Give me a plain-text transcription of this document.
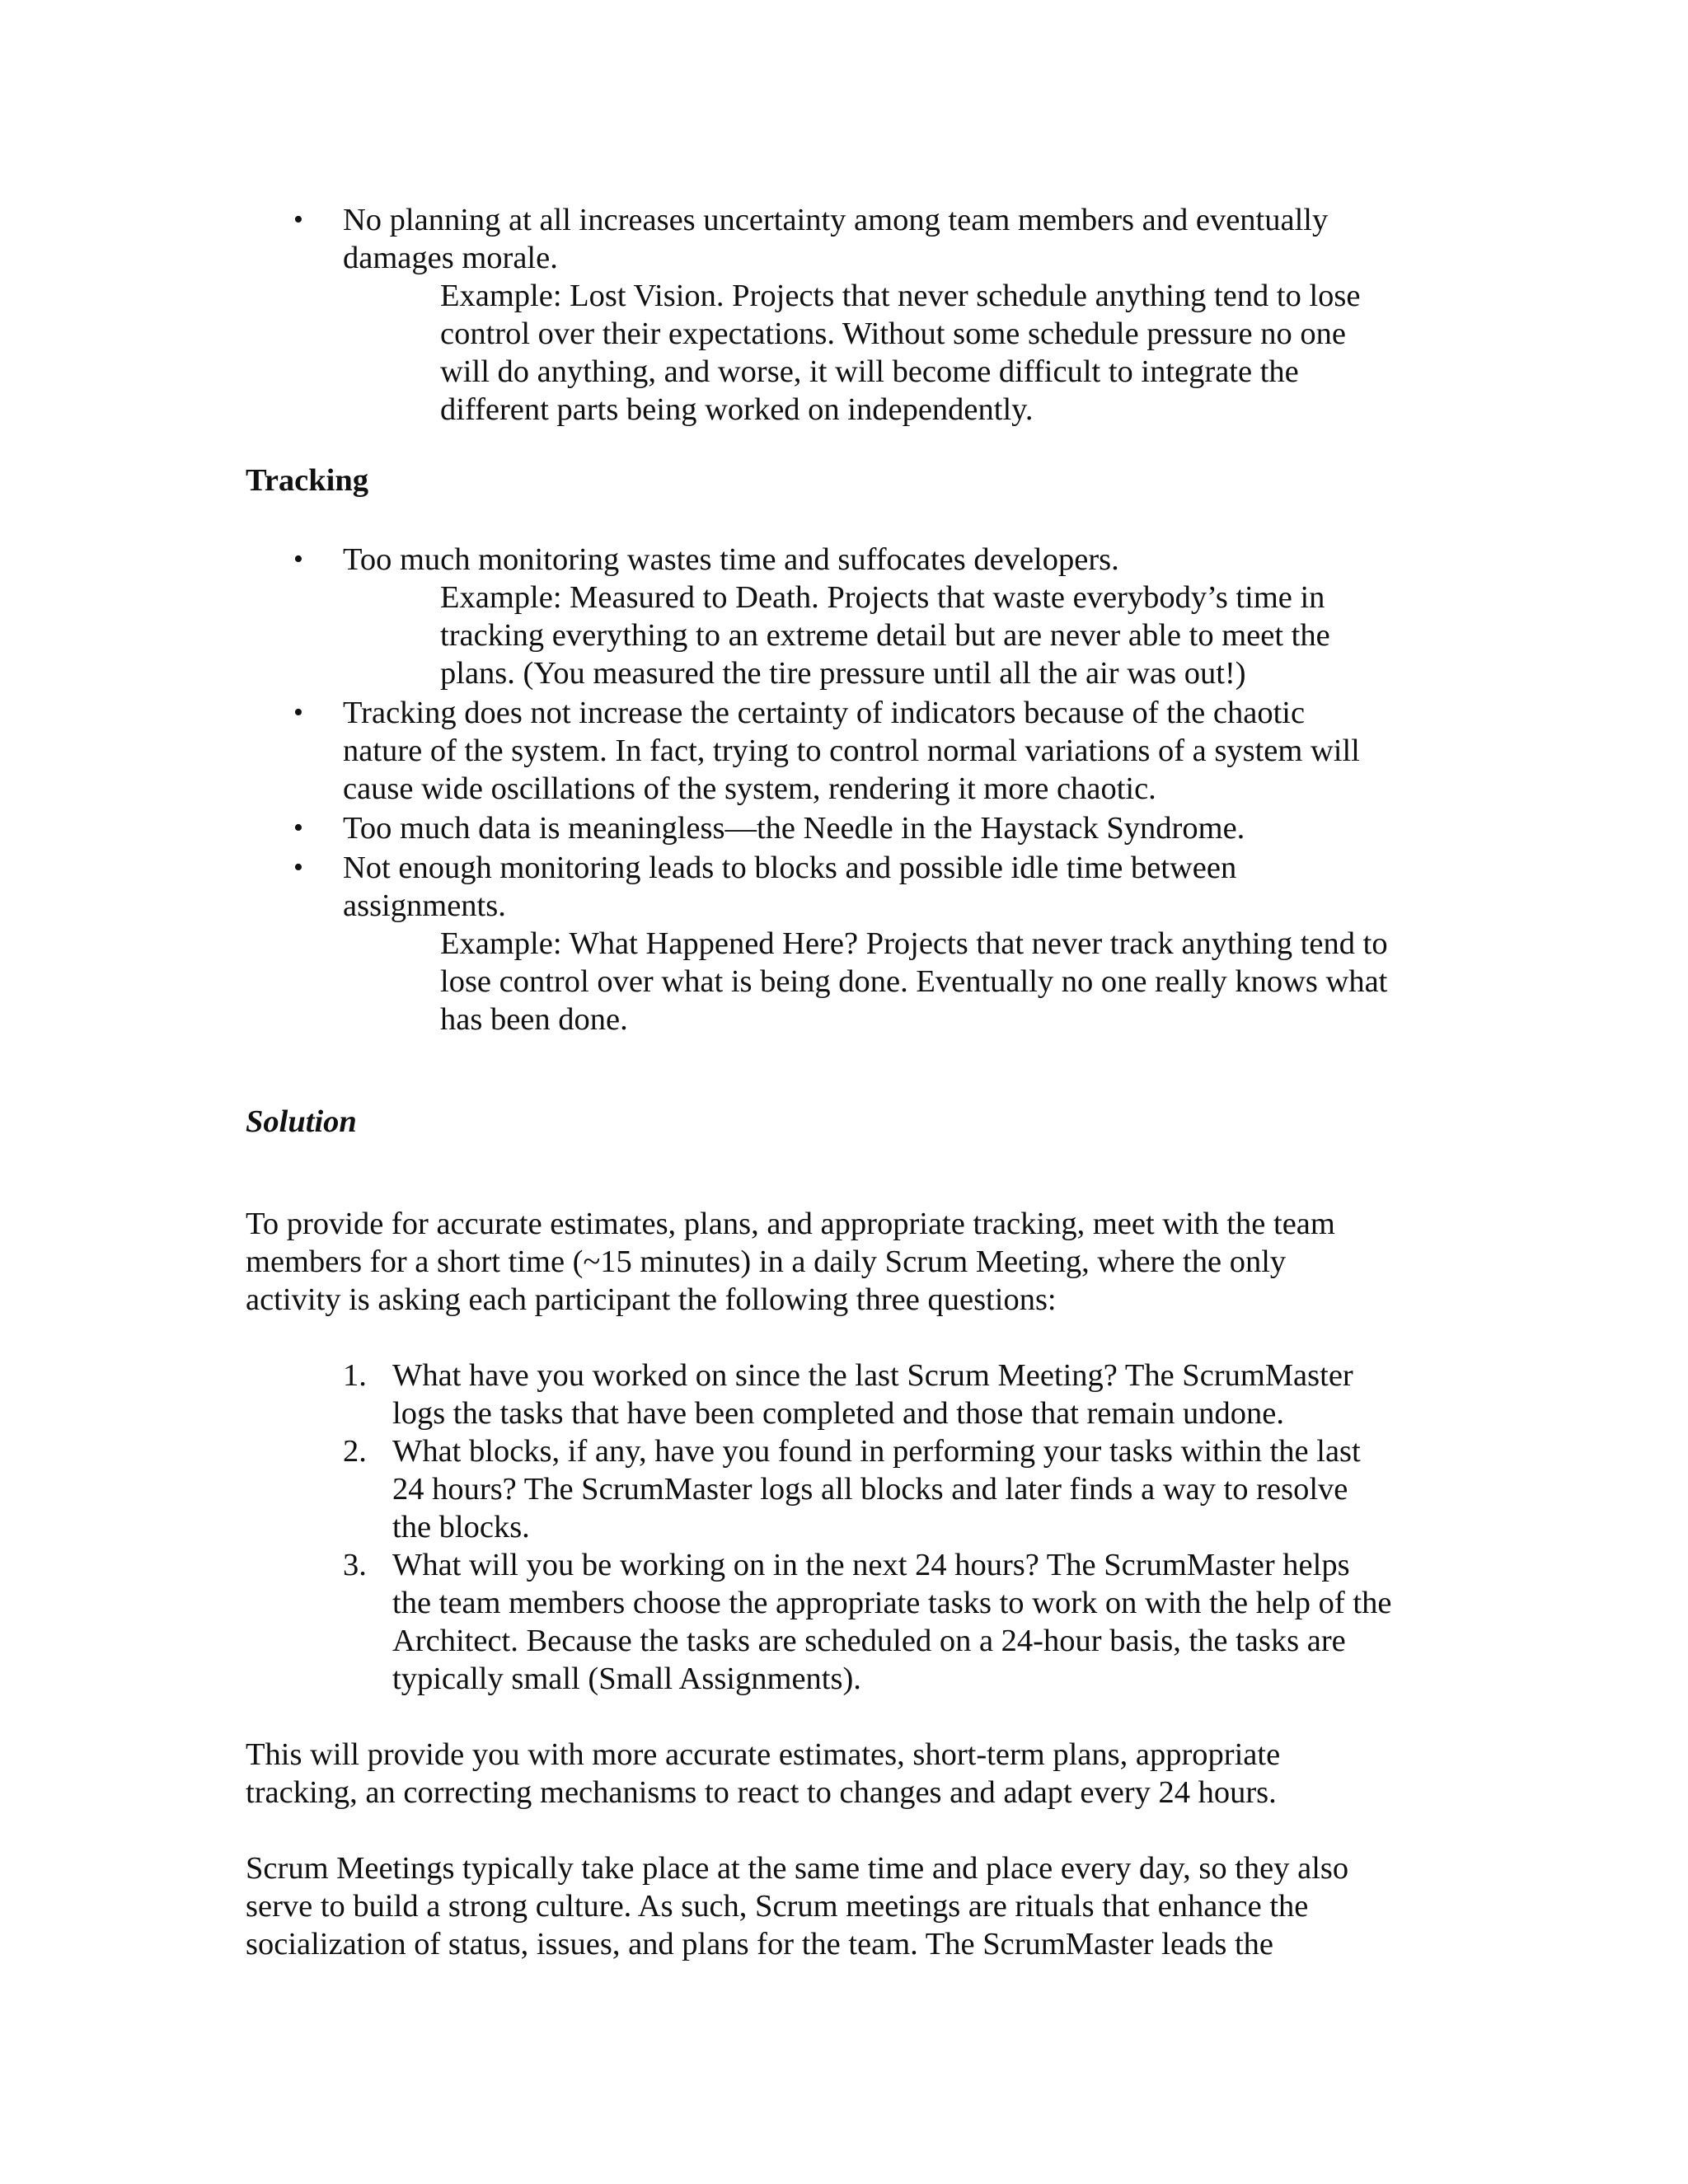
• No planning at all increases uncertainty among team members and eventually

damages morale.

Example: Lost Vision. Projects that never schedule anything tend to lose

control over their expectations. Without some schedule pressure no one

will do anything, and worse, it will become difficult to integrate the

different parts being worked on independently.

Tracking
• Too much monitoring wastes time and suffocates developers.

Example: Measured to Death. Projects that waste everybody’s time in

tracking everything to an extreme detail but are never able to meet the

plans. (You measured the tire pressure until all the air was out!)

• Tracking does not increase the certainty of indicators because of the chaotic

nature of the system. In fact, trying to control normal variations of a system will

cause wide oscillations of the system, rendering it more chaotic.

• Too much data is meaningless—the Needle in the Haystack Syndrome.

• Not enough monitoring leads to blocks and possible idle time between

assignments.

Example: What Happened Here? Projects that never track anything tend to

lose control over what is being done. Eventually no one really knows what

has been done.

Solution

To provide for accurate estimates, plans, and appropriate tracking, meet with the team

members for a short time (~15 minutes) in a daily Scrum Meeting, where the only

activity is asking each participant the following three questions:

1. What have you worked on since the last Scrum Meeting? The ScrumMaster

logs the tasks that have been completed and those that remain undone.

2. What blocks, if any, have you found in performing your tasks within the last

24 hours? The ScrumMaster logs all blocks and later finds a way to resolve

the blocks.

3. What will you be working on in the next 24 hours? The ScrumMaster helps

the team members choose the appropriate tasks to work on with the help of the

Architect. Because the tasks are scheduled on a 24-hour basis, the tasks are

typically small (Small Assignments).

This will provide you with more accurate estimates, short-term plans, appropriate

tracking, an correcting mechanisms to react to changes and adapt every 24 hours.

Scrum Meetings typically take place at the same time and place every day, so they also

serve to build a strong culture. As such, Scrum meetings are rituals that enhance the

socialization of status, issues, and plans for the team. The ScrumMaster leads the
